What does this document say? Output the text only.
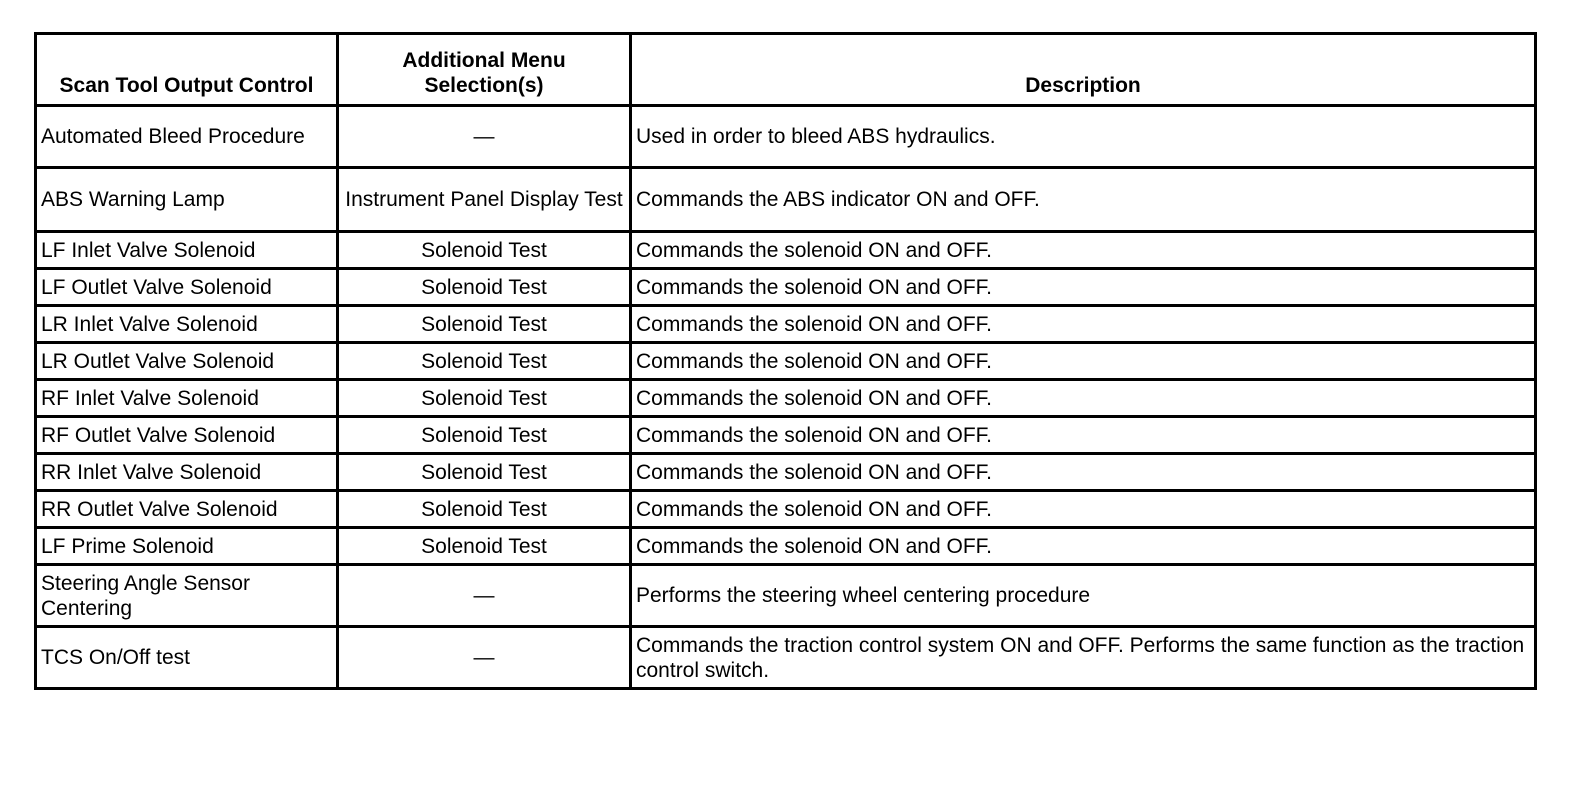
Scan Tool Output Control	Additional Menu Selection(s)	Description
Automated Bleed Procedure	—	Used in order to bleed ABS hydraulics.
ABS Warning Lamp	Instrument Panel Display Test	Commands the ABS indicator ON and OFF.
LF Inlet Valve Solenoid	Solenoid Test	Commands the solenoid ON and OFF.
LF Outlet Valve Solenoid	Solenoid Test	Commands the solenoid ON and OFF.
LR Inlet Valve Solenoid	Solenoid Test	Commands the solenoid ON and OFF.
LR Outlet Valve Solenoid	Solenoid Test	Commands the solenoid ON and OFF.
RF Inlet Valve Solenoid	Solenoid Test	Commands the solenoid ON and OFF.
RF Outlet Valve Solenoid	Solenoid Test	Commands the solenoid ON and OFF.
RR Inlet Valve Solenoid	Solenoid Test	Commands the solenoid ON and OFF.
RR Outlet Valve Solenoid	Solenoid Test	Commands the solenoid ON and OFF.
LF Prime Solenoid	Solenoid Test	Commands the solenoid ON and OFF.
Steering Angle Sensor Centering	—	Performs the steering wheel centering procedure
TCS On/Off test	—	Commands the traction control system ON and OFF. Performs the same function as the traction control switch.
